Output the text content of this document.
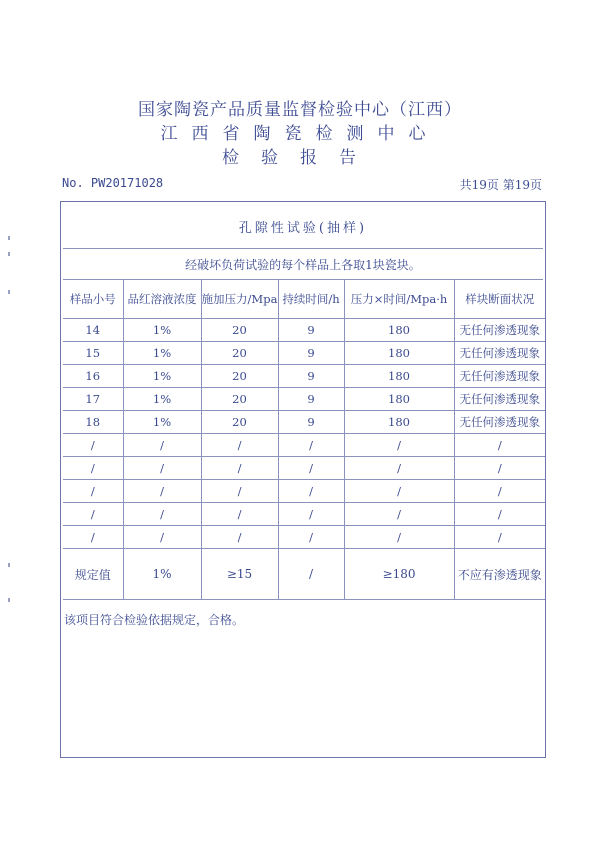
国家陶瓷产品质量监督检验中心（江西）
江西省陶瓷检测中心
检验报告
No. PW20171028	共19页 第19页
孔隙性试验(抽样)
经破坏负荷试验的每个样品上各取1块瓷块。
样品小号	品红溶液浓度	施加压力/Mpa	持续时间/h	压力×时间/Mpa·h	样块断面状况
14	1%	20	9	180	无任何渗透现象
15	1%	20	9	180	无任何渗透现象
16	1%	20	9	180	无任何渗透现象
17	1%	20	9	180	无任何渗透现象
18	1%	20	9	180	无任何渗透现象
/	/	/	/	/	/
/	/	/	/	/	/
/	/	/	/	/	/
/	/	/	/	/	/
/	/	/	/	/	/
规定值	1%	≥15	/	≥180	不应有渗透现象
该项目符合检验依据规定，合格。
